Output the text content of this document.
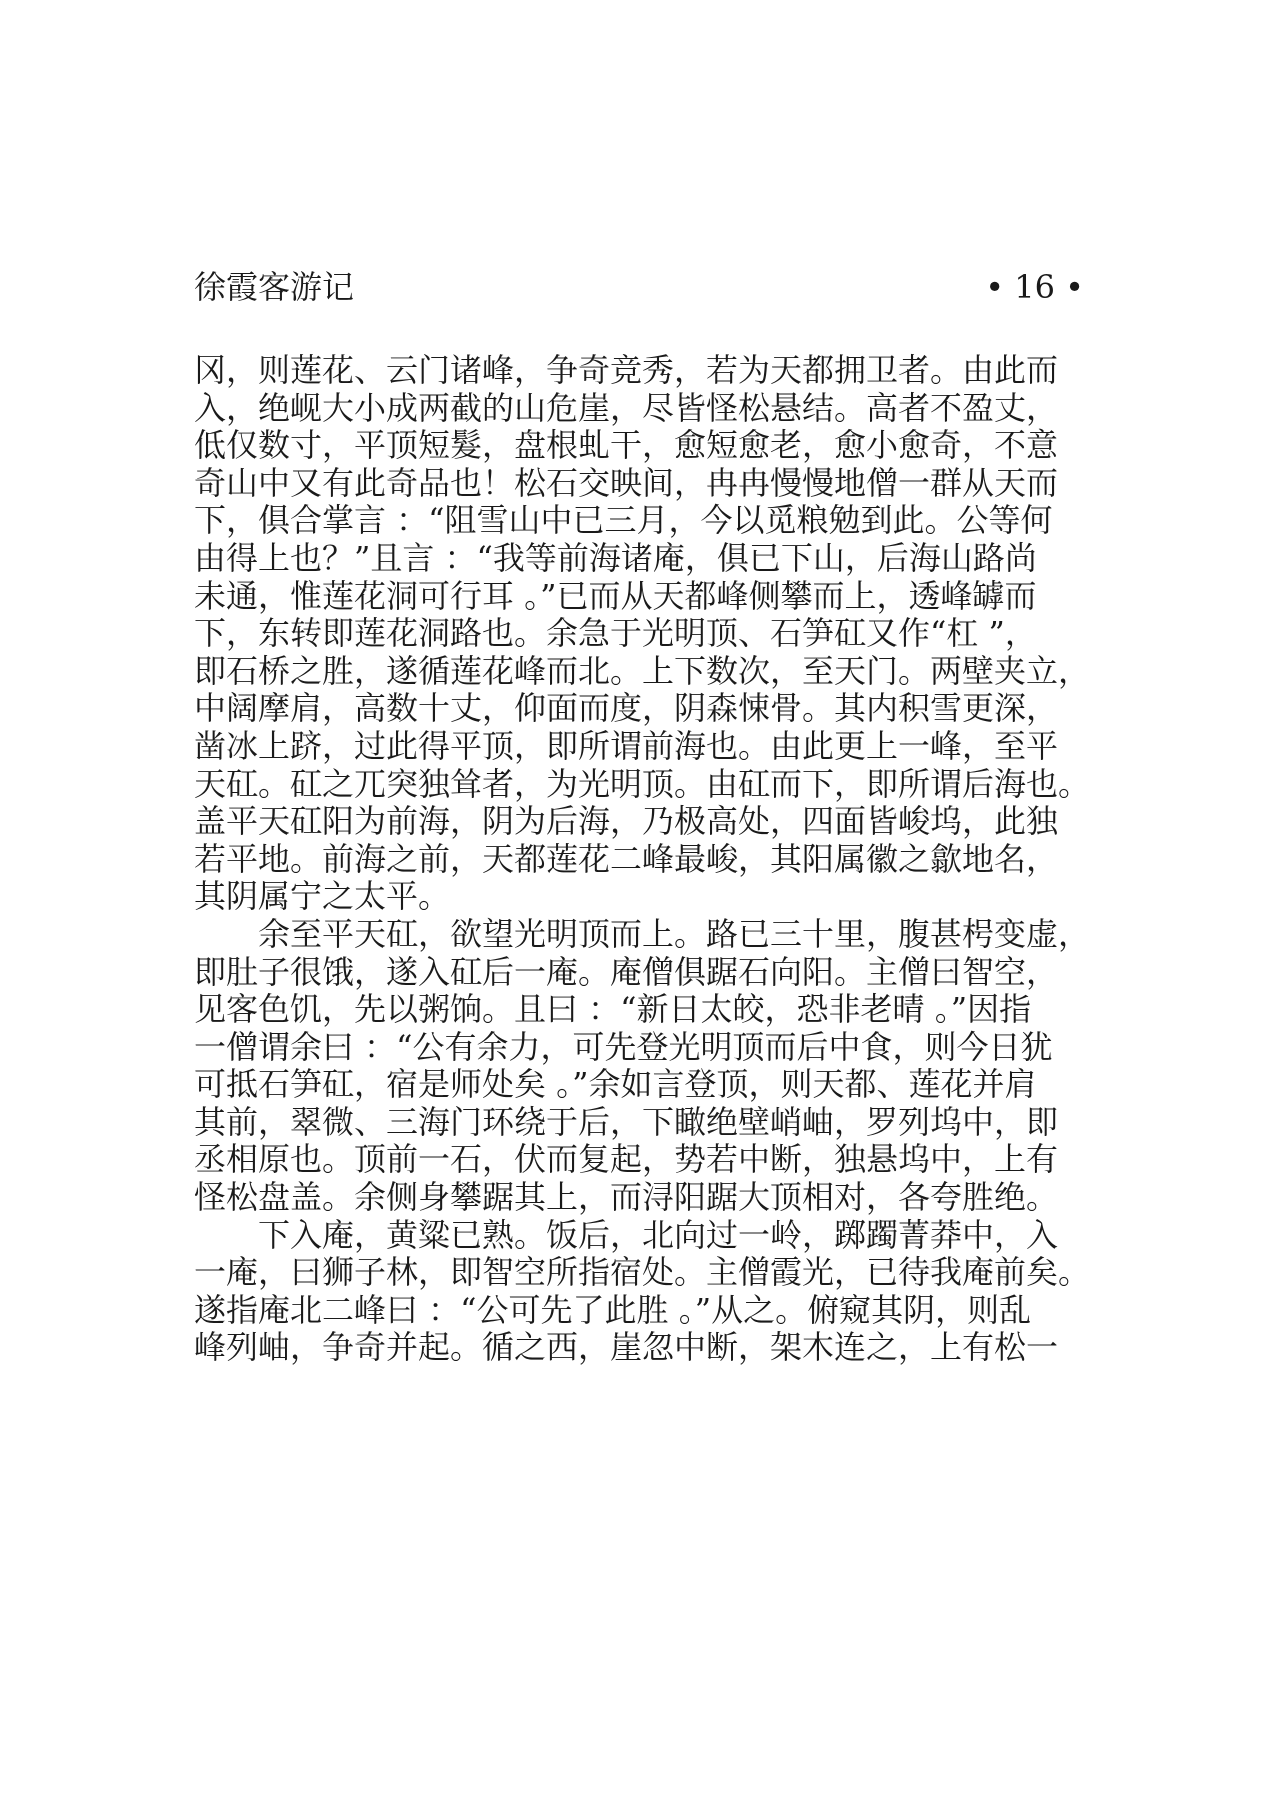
徐霞客游记	• 16 •
冈，则莲花、云门诸峰，争奇竞秀，若为天都拥卫者。由此而
入，绝岘大小成两截的山危崖，尽皆怪松悬结。高者不盈丈，
低仅数寸，平顶短髮，盘根虬干，愈短愈老，愈小愈奇，不意
奇山中又有此奇品也！松石交映间，冉冉慢慢地僧一群从天而
下，俱合掌言 ：“阻雪山中已三月，今以觅粮勉到此。公等何
由得上也？”且言 ：“我等前海诸庵，俱已下山，后海山路尚
未通，惟莲花洞可行耳 。”已而从天都峰侧攀而上，透峰罅而
下，东转即莲花洞路也。余急于光明顶、石笋矼又作“杠 ”，
即石桥之胜，遂循莲花峰而北。上下数次，至天门。两壁夹立，
中阔摩肩，高数十丈，仰面而度，阴森悚骨。其内积雪更深，
凿冰上跻，过此得平顶，即所谓前海也。由此更上一峰，至平
天矼。矼之兀突独耸者，为光明顶。由矼而下，即所谓后海也。
盖平天矼阳为前海，阴为后海，乃极高处，四面皆峻坞，此独
若平地。前海之前，天都莲花二峰最峻，其阳属徽之歙地名，
其阴属宁之太平。
余至平天矼，欲望光明顶而上。路已三十里，腹甚枵变虚，
即肚子很饿，遂入矼后一庵。庵僧俱踞石向阳。主僧曰智空，
见客色饥，先以粥饷。且曰 ：“新日太皎，恐非老晴 。”因指
一僧谓余曰 ：“公有余力，可先登光明顶而后中食，则今日犹
可抵石笋矼，宿是师处矣 。”余如言登顶，则天都、莲花并肩
其前，翠微、三海门环绕于后，下瞰绝壁峭岫，罗列坞中，即
丞相原也。顶前一石，伏而复起，势若中断，独悬坞中，上有
怪松盘盖。余侧身攀踞其上，而浔阳踞大顶相对，各夸胜绝。
下入庵，黄粱已熟。饭后，北向过一岭，踯躅菁莽中，入
一庵，曰狮子林，即智空所指宿处。主僧霞光，已待我庵前矣。
遂指庵北二峰曰 ：“公可先了此胜 。”从之。俯窥其阴，则乱
峰列岫，争奇并起。循之西，崖忽中断，架木连之，上有松一
